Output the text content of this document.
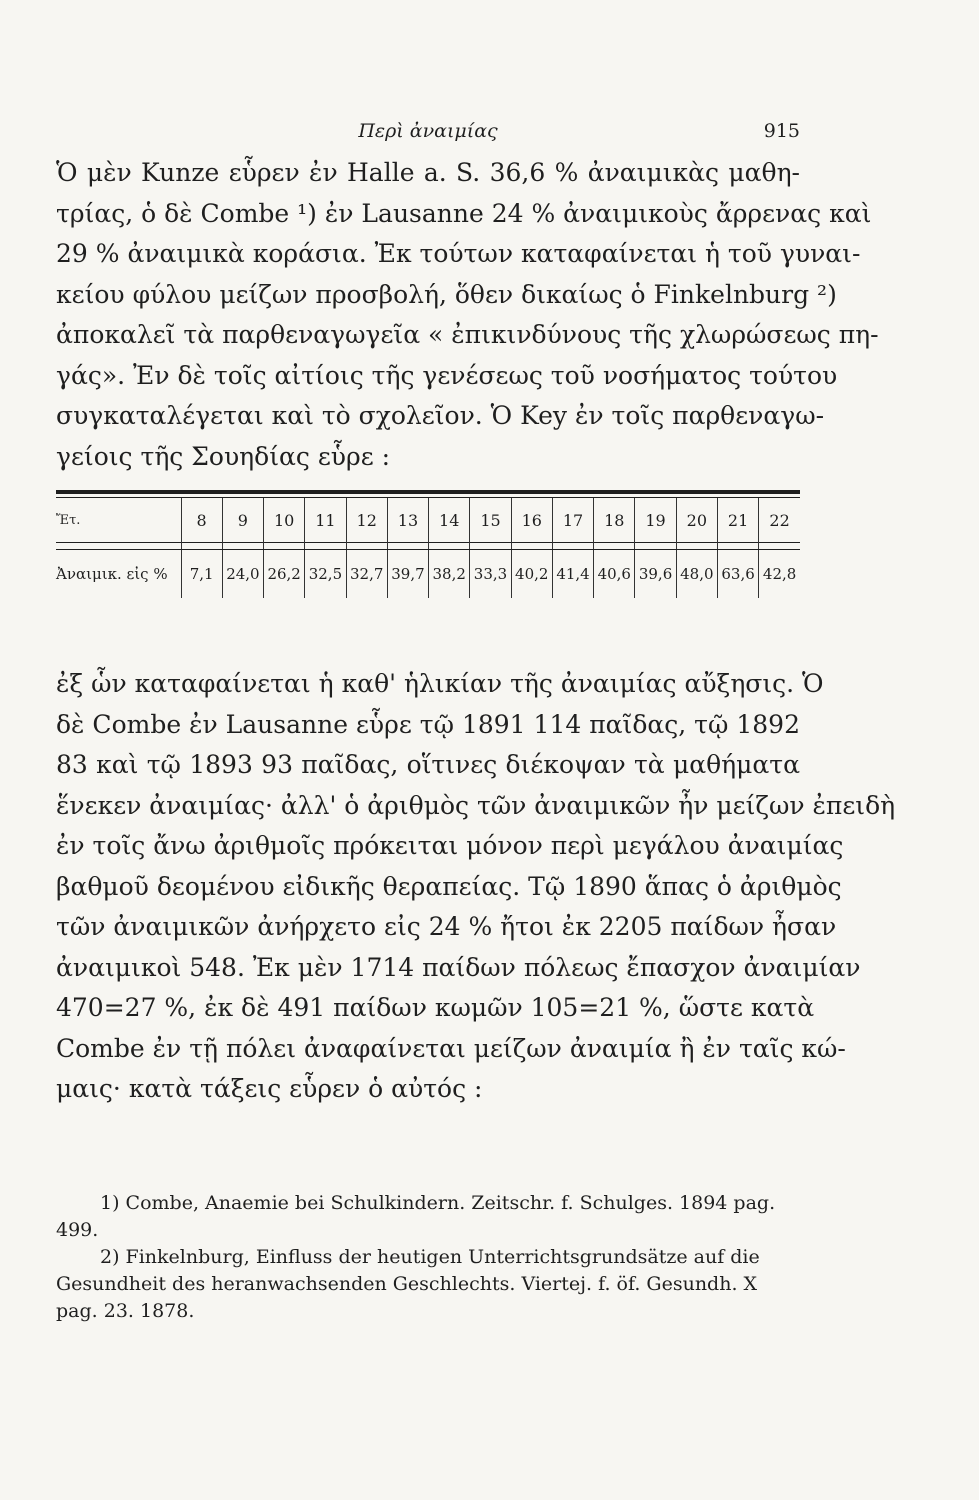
Περὶ ἀναιμίας	915
Ὁ μὲν Kunze εὗρεν ἐν Halle a. S. 36,6 % ἀναιμικὰς μαθη-
τρίας, ὁ δὲ Combe ¹) ἐν Lausanne 24 % ἀναιμικοὺς ἄρρενας καὶ
29 % ἀναιμικὰ κοράσια. Ἐκ τούτων καταφαίνεται ἡ τοῦ γυναι-
κείου φύλου μείζων προσβολή, ὅθεν δικαίως ὁ Finkelnburg ²)
ἀποκαλεῖ τὰ παρθεναγωγεῖα « ἐπικινδύνους τῆς χλωρώσεως πη-
γάς». Ἐν δὲ τοῖς αἰτίοις τῆς γενέσεως τοῦ νοσήματος τούτου
συγκαταλέγεται καὶ τὸ σχολεῖον. Ὁ Key ἐν τοῖς παρθεναγω-
γείοις τῆς Σουηδίας εὗρε :
Ἔτ.	8	9	10	11	12	13	14	15	16	17	18	19	20	21	22

Ἀναιμικ. εἰς %	7,1	24,0	26,2	32,5	32,7	39,7	38,2	33,3	40,2	41,4	40,6	39,6	48,0	63,6	42,8
ἐξ ὧν καταφαίνεται ἡ καθ' ἡλικίαν τῆς ἀναιμίας αὔξησις. Ὁ
δὲ Combe ἐν Lausanne εὗρε τῷ 1891 114 παῖδας, τῷ 1892
83 καὶ τῷ 1893 93 παῖδας, οἵτινες διέκοψαν τὰ μαθήματα
ἕνεκεν ἀναιμίας· ἀλλ' ὁ ἀριθμὸς τῶν ἀναιμικῶν ἦν μείζων ἐπειδὴ
ἐν τοῖς ἄνω ἀριθμοῖς πρόκειται μόνον περὶ μεγάλου ἀναιμίας
βαθμοῦ δεομένου εἰδικῆς θεραπείας. Τῷ 1890 ἅπας ὁ ἀριθμὸς
τῶν ἀναιμικῶν ἀνήρχετο εἰς 24 % ἤτοι ἐκ 2205 παίδων ἦσαν
ἀναιμικοὶ 548. Ἐκ μὲν 1714 παίδων πόλεως ἔπασχον ἀναιμίαν
470=27 %, ἐκ δὲ 491 παίδων κωμῶν 105=21 %, ὥστε κατὰ
Combe ἐν τῇ πόλει ἀναφαίνεται μείζων ἀναιμία ἢ ἐν ταῖς κώ-
μαις· κατὰ τάξεις εὗρεν ὁ αὐτός :
1) Combe, Anaemie bei Schulkindern. Zeitschr. f. Schulges. 1894 pag.
499.
2) Finkelnburg, Einfluss der heutigen Unterrichtsgrundsätze auf die
Gesundheit des heranwachsenden Geschlechts. Viertej. f. öf. Gesundh. X
pag. 23. 1878.
